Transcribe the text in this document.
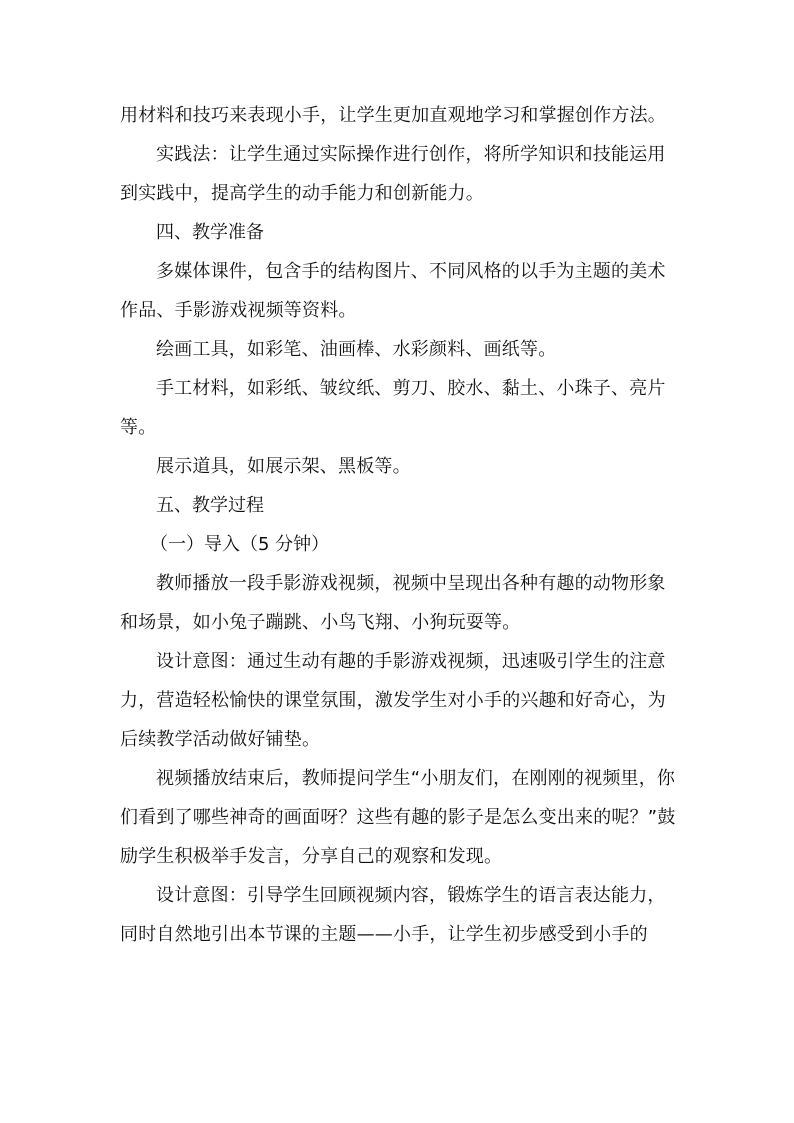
用材料和技巧来表现小手，让学生更加直观地学习和掌握创作方法。

实践法：让学生通过实际操作进行创作，将所学知识和技能运用到实践中，提高学生的动手能力和创新能力。

四、教学准备

多媒体课件，包含手的结构图片、不同风格的以手为主题的美术作品、手影游戏视频等资料。

绘画工具，如彩笔、油画棒、水彩颜料、画纸等。

手工材料，如彩纸、皱纹纸、剪刀、胶水、黏土、小珠子、亮片等。

展示道具，如展示架、黑板等。

五、教学过程

（一）导入（5 分钟）

教师播放一段手影游戏视频，视频中呈现出各种有趣的动物形象和场景，如小兔子蹦跳、小鸟飞翔、小狗玩耍等。

设计意图：通过生动有趣的手影游戏视频，迅速吸引学生的注意力，营造轻松愉快的课堂氛围，激发学生对小手的兴趣和好奇心，为后续教学活动做好铺垫。

视频播放结束后，教师提问学生“小朋友们，在刚刚的视频里，你们看到了哪些神奇的画面呀？这些有趣的影子是怎么变出来的呢？”鼓励学生积极举手发言，分享自己的观察和发现。

设计意图：引导学生回顾视频内容，锻炼学生的语言表达能力，同时自然地引出本节课的主题——小手，让学生初步感受到小手的
